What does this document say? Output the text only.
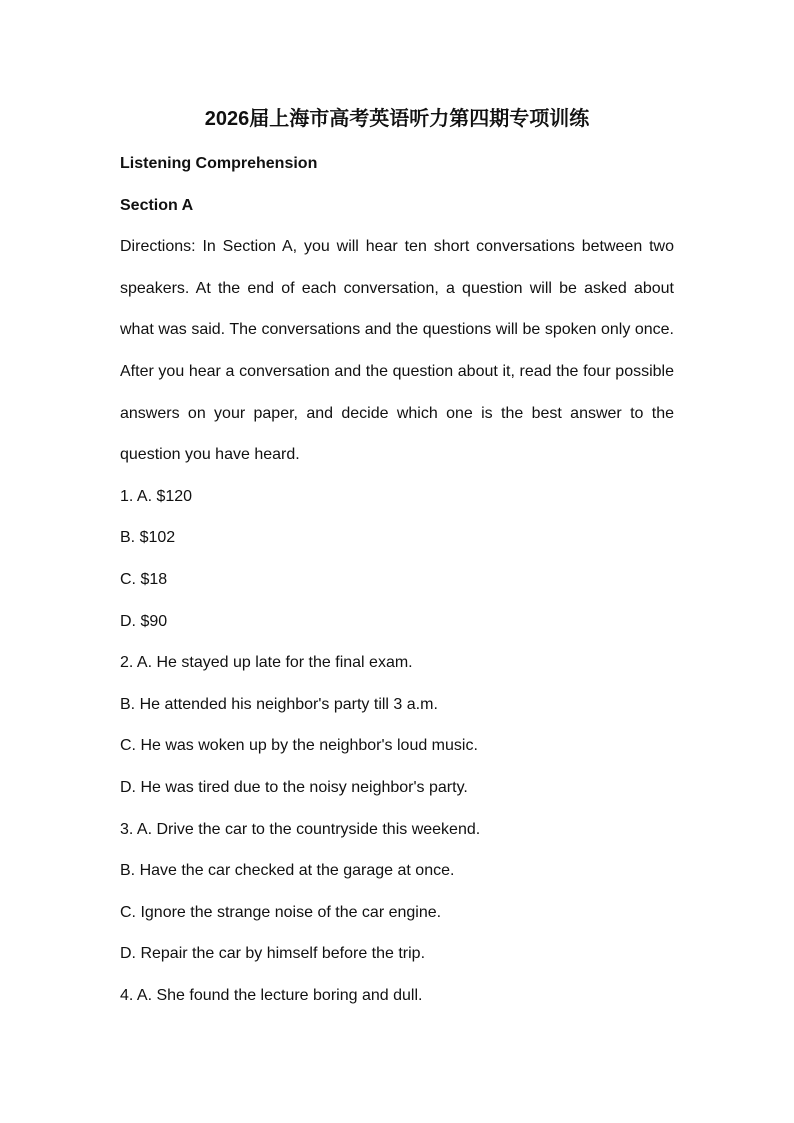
2026届上海市高考英语听力第四期专项训练

Listening Comprehension

Section A

Directions: In Section A, you will hear ten short conversations between two speakers. At the end of each conversation, a question will be asked about what was said. The conversations and the questions will be spoken only once. After you hear a conversation and the question about it, read the four possible answers on your paper, and decide which one is the best answer to the question you have heard.

1. A. $120

B. $102

C. $18

D. $90

2. A. He stayed up late for the final exam.

B. He attended his neighbor's party till 3 a.m.

C. He was woken up by the neighbor's loud music.

D. He was tired due to the noisy neighbor's party.

3. A. Drive the car to the countryside this weekend.

B. Have the car checked at the garage at once.

C. Ignore the strange noise of the car engine.

D. Repair the car by himself before the trip.

4. A. She found the lecture boring and dull.
